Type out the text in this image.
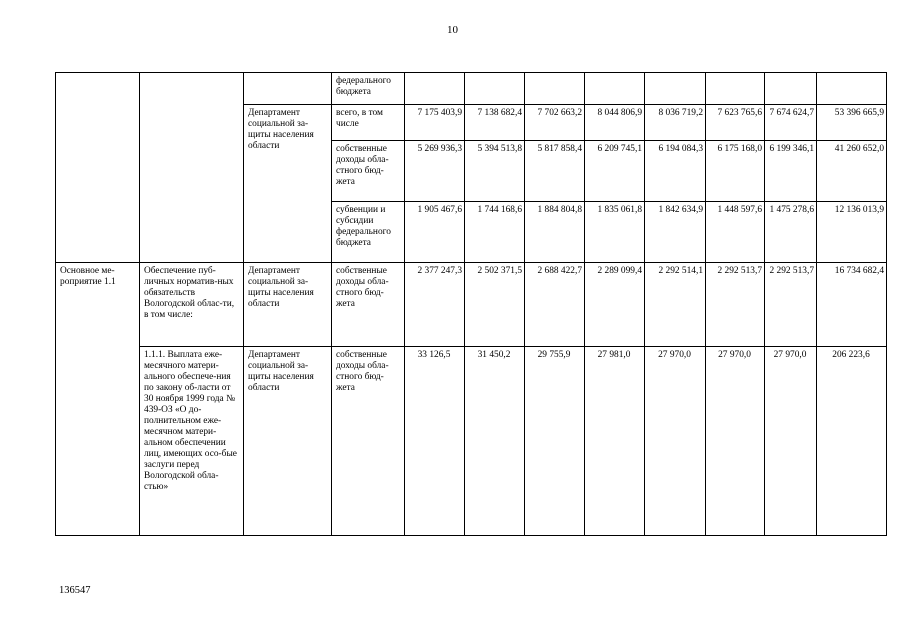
10
			федерального бюджета								
		Департамент социальной за-щиты населения области	всего, в том числе	7 175 403,9	7 138 682,4	7 702 663,2	8 044 806,9	8 036 719,2	7 623 765,6	7 674 624,7	53 396 665,9
			собственные доходы обла-стного бюд-жета	5 269 936,3	5 394 513,8	5 817 858,4	6 209 745,1	6 194 084,3	6 175 168,0	6 199 346,1	41 260 652,0
			субвенции и субсидии федерального бюджета	1 905 467,6	1 744 168,6	1 884 804,8	1 835 061,8	1 842 634,9	1 448 597,6	1 475 278,6	12 136 013,9
Основное ме-роприятие 1.1	Обеспечение пуб-личных норматив-ных обязательств Вологодской облас-ти, в том числе:	Департамент социальной за-щиты населения области	собственные доходы обла-стного бюд-жета	2 377 247,3	2 502 371,5	2 688 422,7	2 289 099,4	2 292 514,1	2 292 513,7	2 292 513,7	16 734 682,4
	1.1.1. Выплата еже-месячного матери-ального обеспече-ния по закону об-ласти от 30 ноября 1999 года № 439-ОЗ «О до-полнительном еже-месячном матери-альном обеспечении лиц, имеющих осо-бые заслуги перед Вологодской обла-стью»	Департамент социальной за-щиты населения области	собственные доходы обла-стного бюд-жета	33 126,5	31 450,2	29 755,9	27 981,0	27 970,0	27 970,0	27 970,0	206 223,6
136547
